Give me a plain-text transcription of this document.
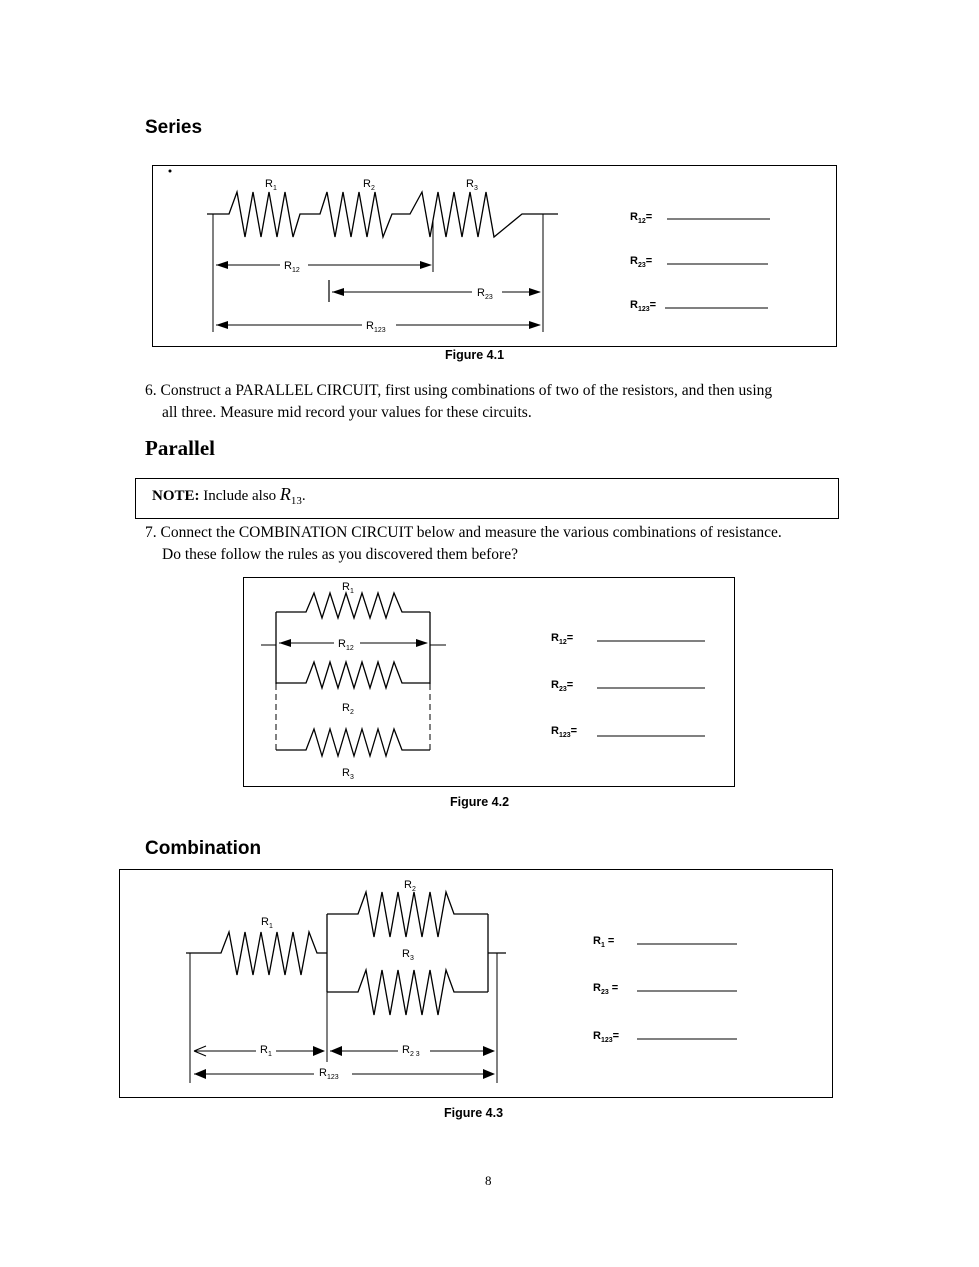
Series
$R_1$	$R_2$	$R_3$
$R_{12}$
$R_{23}$
$R_{123}$
$R_{12}=$
$R_{23}=$
$R_{123}=$
Figure 4.1
6. Construct a PARALLEL CIRCUIT, first using combinations of two of the resistors, and then using
all three. Measure mid record your values for these circuits.
Parallel
NOTE: Include also $R_{13}$.
7. Connect the COMBINATION CIRCUIT below and measure the various combinations of resistance.
Do these follow the rules as you discovered them before?
$R_1$
$R_{12}$
$R_2$
$R_3$
$R_{12}=$
$R_{23}=$
$R_{123}=$
Figure 4.2
Combination
$R_2$
$R_1$
$R_3$
$R_1$	$R_{2 3}$
$R_{123}$
$R_1$ =
$R_{23}$ =
$R_{123}=$
Figure 4.3
8
